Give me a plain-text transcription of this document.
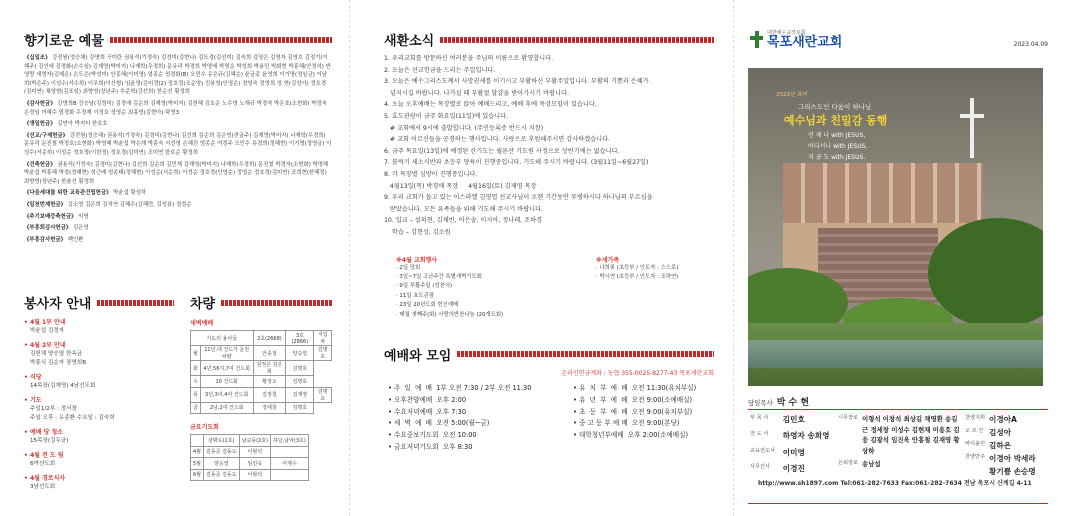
향기로운 예물
《십일조》 강전원(정승채) 강명희 구미란 권용석(기정숙) 김경미(김현나) 김도경(김선미) 김숙희 김영은 김영자 김영호 김정기(이혜주) 김인애 김정화(손수심) 김재영(박미지) 나재학(우경희) 문유리 박경희 박영애 박명순 박성희 박용민 박회현 박흥혜(안정석) 반영랑 새영자(김제은) 손도은(박성미) 안종혜(이미영) 엄종순 엄경화(B) 오민수 유은규(김혜순) 윤금종 윤영희 이기명(정임금) 이남희(박은주) 이성수(서수희) 이우희(이산형) 임윤영(김미정(2) 정호정(조순영) 진봉영(인영순) 정영숙 정영희 정 현(김성아) 정호경(김미연) 채영현(김포심) 최향영(장년주) 추준혁(강선희) 한순선 황정희
《감사헌금》 강명희B 강승남(김정미) 김경애 김순희 김재영(박미지) 김헌혜 김호순 노수영 노재규 박경자 박은호(소현화) 박정숙 손정임 여혜수 엄경화 우정재 이정호 정영순 최홍영(김현아) 탁영3
《생일헌금》 김연아 박지터 한호호
《선교/구제헌금》 강전원(정승채) 권용석(기정숙) 김경미(김현나) 김선희 김순희 김은영(전금주) 김재영(박미지) 나재학(우경희) 문유리 문진철 박정호(소현화) 박영혜 박윤섭 박은재 박흥숙 서선영 손혜진 엄종순 여경주 오민수 유경희(정혜현) 이기명(정영금) 이성수(서순희) 이성순 정호정(이한정) 정호경(김미연) 조미연 한호순 황정희
《건축헌금》 권용석(기정숙) 김경미(김현나) 김선희 김순희 김민재 김재영(박미지) 나재학(우경희) 문진철 박경자(소현화) 박영혜 박윤섭 박흥혜 박정(정혜현) 성근배 엄종태(정혜현) 이성순(서순희) 이성순 정호정(인영순) 정영순 정호경(김미연) 조희현(한혜정) 최향영(장년주) 한춘선 황정희
《다음세대를 위한 교육관건립헌금》 박윤섭 황성하
《일천번제헌금》 김소영 김은희 김지연 김혜수(김혜련, 김성용) 정정순
《주기보배증축헌금》 익명
《부흥회감사헌금》 김은영
《부흥감사헌금》 백인환
봉사자 안내
• 4월 1부 안내
박윤섭 김정자
• 4월 2부 안내
김헌채 양승열 한옥금
박흥식 김순자 장영희B
• 식당
14목장(김재영) 4남선도회
• 기도
주일1/2부 : 정서창
주일 오후 : 유종환 수요일 : 김숙희
• 예배 당 청소
15목장(김두균)
• 4월 전 도 팀
6여선도회
• 4월 경로식사
3남선도회
차량
새벽예배
기도의 용사들		2호(2668)	3호(2866)	지입차
월	11년,대 건드가 운전 차량	안종철	양승열	김명호
화	4년,56지,7여 건드회	원정은 김은희	김명호	
수	10 건드회	황정오	김명호	
목	3년,3여,4여 건드회	김정철	김재영	김명호
금	2남,2여 건드회	정세창	김명호	
금요기도회
	삼밖도(1호)	남교동(2호)	하당,남악(3호)
4월	김동준 김동도	이형석	
5월	양승열	임진욱	어재수
6월	김동준 김동도	이형석	
새환소식
1. 우리교회를 방문하신 여러분을 주님의 이름으로 환영합니다.
2. 오늘은 선교헌금을 드리는 주일입니다.
3. 오늘은 예수그리스도께서 사망권세를 이기시고 부활하신 부활주일입니다. 부활의 기쁨과 은혜가
널지시길 바랍니다. 나가실 때 부활절 달걀을 받아가시기 바랍니다.
4. 오늘 오후예배는 목장별로 앉아 예배드리고, 예배 후에 목장모임이 있습니다.
5. 효도관광이 금주 화요일(11일)에 있습니다.
# 교회에서 9시에 출발합니다. (주민등록증 반드시 지참)
# 교회 어르신들을 공경하는 행사입니다. 사랑으로 후원해주시면 감사하겠습니다.
6. 금주 목요일(13일)에 예정된 산기도는 월론산 기도원 사정으로 상반기에는 없습니다.
7. 블럭기 세소식반과 초등부 양육이 진행중입니다. 기도해 주시기 바랍니다. (3월11일~6월27일)
8. 각 목장별 심방이 진행중입니다.
4월13일(목) 박경애 목장     4월16일(토) 김재영 목장
9. 우리 교회가 돕고 있는 이스라엘 김영엽 선교사님이 오랜 기간동안 투병하시다 하나님의 부르심을
받았습니다. 모든 유족들을 위해 기도해 주시기 바랍니다.
10. 입교 – 설의현, 김채빈, 어은솔, 이지아, 정나래, 조하경
학습 – 김현성, 김소원
※4월 교회행사
· 2일 당회
· 3일~7일 고난주간 특별새벽기도회
· 9일 부활주일 (성찬식)
· 11일 효도관광
· 23일 20년도회 헌신예배
· 매월 셋째주(화) 사랑의반찬나눔 (20개도회)
※새가족
· 나희봉 (초등부 / 인도자 : 스스로)
· 박시연 (초등부 / 인도자 : 조하연)
예배와 모임
온라인헌금계좌 : 농협 355-0025-8277-43 목포새란교회
• 주  일  예  배  1부 오전 7:30 / 2부 오전 11:30
• 오후찬양예배  오후 2:00
• 수요저녁예배  오후 7:30
• 새  벽  예  배  오전 5:00(월~금)
• 수요중보기도회  오전 10:00
• 금요저녁기도회  오후 8:30
• 유  치  부  예  배  오전 11:30(유치부실)
• 유  년  부  예  배  오전 9:00(소예배실)
• 초  등  부  예  배  오전 9:00(유치부실)
• 중 고 등 부 예 배  오전 9:00(본당)
• 대학청년부예배  오후 2:00(소예배실)
대한예수교장로회
목포새란교회	2023.04.09
2023년 표어
그리스도인 다움이 하나님
예수님과 친밀감 동행
언 제 나 with JESUS,
어디서나 with JESUS,
지 금 도 with JESUS.
담임목사 박 수 현
부 목 사	김민호
전 도 사	하영자 송희영
교육전도사	이미영
사무간사	이경진
시무장로 이형석 이창석 최상길 채영환 송길근 정세창 이성수 김현채 이용호 김 웅 김광석 임진욱 안홍철 김재영 황상하
은퇴장로 송남섭
찬양지휘	이경아A
오 르 간	김성아
바이올린	김하은
찬양반주	이경아 박세라
	황기쁨 손승명
http://www.sh1897.com Tel:061-282-7633 Fax:061-282-7634 전남 목포시 산계길 4-11
